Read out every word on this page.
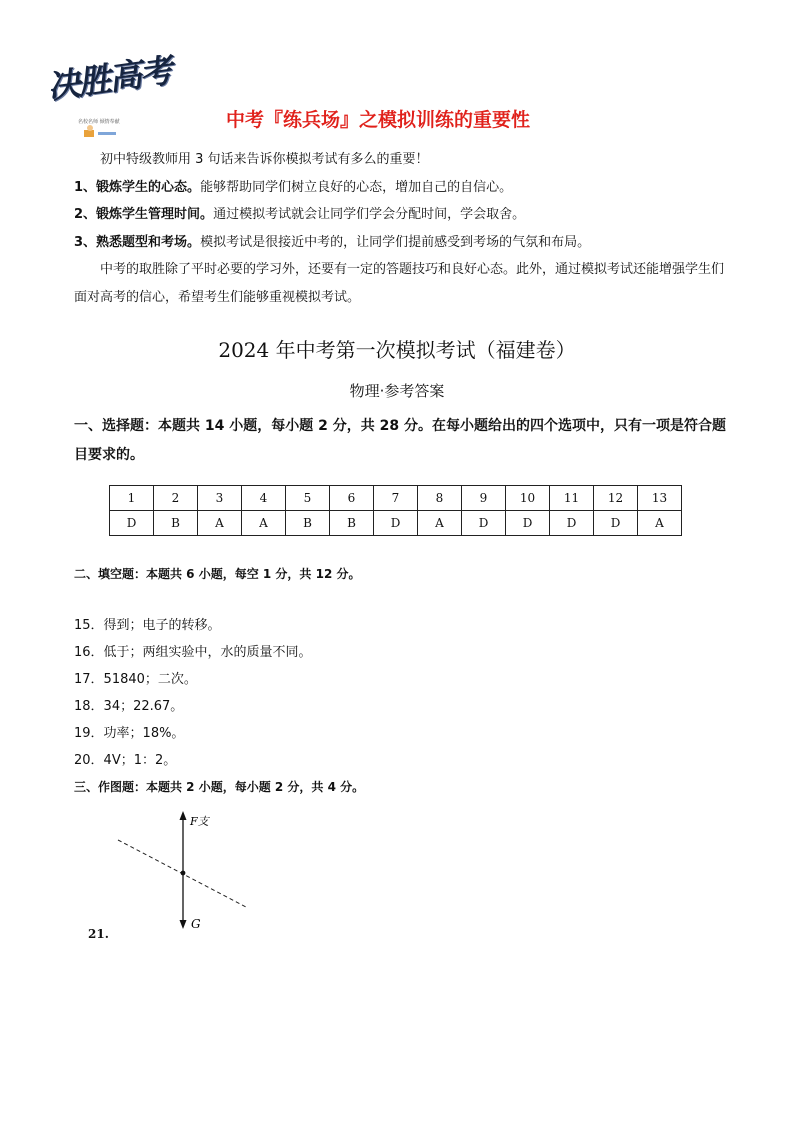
决胜高考
名校名师 倾情奉献	中考『练兵场』之模拟训练的重要性

初中特级教师用 3 句话来告诉你模拟考试有多么的重要！

1、锻炼学生的心态。能够帮助同学们树立良好的心态，增加自己的自信心。

2、锻炼学生管理时间。通过模拟考试就会让同学们学会分配时间，学会取舍。

3、熟悉题型和考场。模拟考试是很接近中考的，让同学们提前感受到考场的气氛和布局。

中考的取胜除了平时必要的学习外，还要有一定的答题技巧和良好心态。此外，通过模拟考试还能增强学生们面对高考的信心，希望考生们能够重视模拟考试。

2024 年中考第一次模拟考试（福建卷）
物理·参考答案
一、选择题：本题共 14 小题，每小题 2 分，共 28 分。在每小题给出的四个选项中，只有一项是符合题目要求的。
1	2	3	4	5	6	7	8	9	10	11	12	13
D	B	A	A	B	B	D	A	D	D	D	D	A
二、填空题：本题共 6 小题，每空 1 分，共 12 分。

15．得到；电子的转移。

16．低于；两组实验中，水的质量不同。

17．51840；二次。

18．34；22.67。

19．功率；18%。

20．4V；1：2。

三、作图题：本题共 2 小题，每小题 2 分，共 4 分。
F支
G
21.
